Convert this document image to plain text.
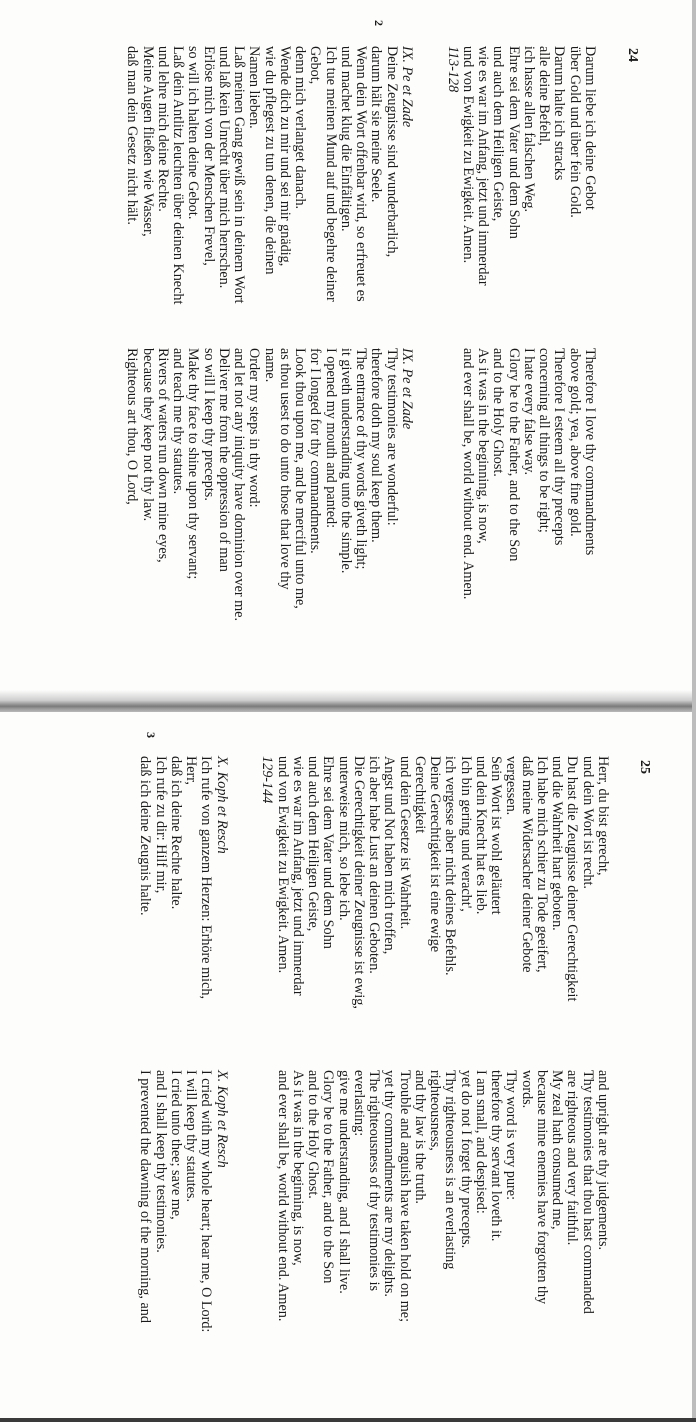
24
2
Darum liebe ich deine Gebot
über Gold und über fein Gold.
Darum halte ich stracks
alle deine Befehl,
ich hasse allen falschen Weg.
Ehre sei dem Vater und dem Sohn
und auch dem Heiligen Geiste,
wie es war im Anfang, jetzt und immerdar
und von Ewigkeit zu Ewigkeit. Amen.
113-128
IX. Pe et Zade
Deine Zeugnisse sind wunderbarlich,
darum hält sie meine Seele.
Wenn dein Wort offenbar wird, so erfreuet es
und machet klug die Einfältigen.
Ich tue meinen Mund auf und begehre deiner
Gebot,
denn mich verlanget danach.
Wende dich zu mir und sei mir gnädig,
wie du pflegest zu tun denen, die deinen
Namen lieben.
Laß meinen Gang gewiß sein in deinem Wort
und laß kein Unrecht über mich herrschen.
Erlöse mich von der Menschen Frevel,
so will ich halten deine Gebot.
Laß dein Antlitz leuchten über deinen Knecht
und lehre mich deine Rechte.
Meine Augen fließen wie Wasser,
daß man dein Gesetz nicht hält.
Therefore I love thy commandments
above gold; yea, above fine gold.
Therefore I esteem all thy precepts
concerning all things to be right;
I hate every false way.
Glory be to the Father, and to the Son
and to the Holy Ghost.
As it was in the beginning, is now,
and ever shall be, world without end. Amen.
IX. Pe et Zade
Thy testimonies are wonderful:
therefore doth my soul keep them.
The entrance of thy words giveth light;
it giveth understanding unto the simple.
I opened my mouth and panted:
for I longed for thy commandments.
Look thou upon me, and be merciful unto me,
as thou usest to do unto those that love thy
name.
Order my steps in thy word:
and let not any iniquity have dominion over me.
Deliver me from the oppression of man
so will I keep thy precepts.
Make thy face to shine upon thy servant;
and teach me thy statutes.
Rivers of waters run down mine eyes,
because they keep not thy law.
Righteous art thou, O Lord,
25
3
Herr, du bist gerecht,
und dein Wort ist recht.
Du hast die Zeugnisse deiner Gerechtigkeit
und die Wahrheit hart geboten.
Ich habe mich schier zu Tode geeifert,
daß meine Widersacher deiner Gebote
vergessen.
Sein Wort ist wohl geläutert
und dein Knecht hat es lieb.
Ich bin gering und veracht',
ich vergesse aber nicht deines Befehls.
Deine Gerechtigkeit ist eine ewige
Gerechtigkeit
und dein Gesetze ist Wahrheit.
Angst und Not haben mich troffen,
ich aber habe Lust an deinen Geboten.
Die Gerechtigkeit deiner Zeugnisse ist ewig,
unterweise mich, so lebe ich.
Ehre sei dem Vater und dem Sohn
und auch dem Heiligen Geiste,
wie es war im Anfang, jetzt und immerdar
und von Ewigkeit zu Ewigkeit. Amen.
129-144
X. Koph et Resch
Ich rufe von ganzem Herzen: Erhöre mich,
Herr,
daß ich deine Rechte halte.
Ich rufe zu dir: Hilf mir,
daß ich deine Zeugnis halte.
and upright are thy judgements.
Thy testimonies that thou hast commanded
are righteous and very faithful.
My zeal hath consumed me,
because mine enemies have forgotten thy
words.
Thy word is very pure:
therefore thy servant loveth it.
I am small, and despised:
yet do not I forget thy precepts.
Thy righteousness is an everlasting
righteousness,
and thy law is the truth.
Trouble and anguish have taken hold on me;
yet thy commandments are my delights.
The righteousness of thy testimonies is
everlasting:
give me understanding, and I shall live.
Glory be to the Father, and to the Son
and to the Holy Ghost.
As it was in the beginning, is now,
and ever shall be, world without end. Amen.
X. Koph et Resch
I cried with my whole heart; hear me, O Lord:
I will keep thy statutes.
I cried unto thee; save me,
and I shall keep thy testimonies.
I prevented the dawning of the morning, and
